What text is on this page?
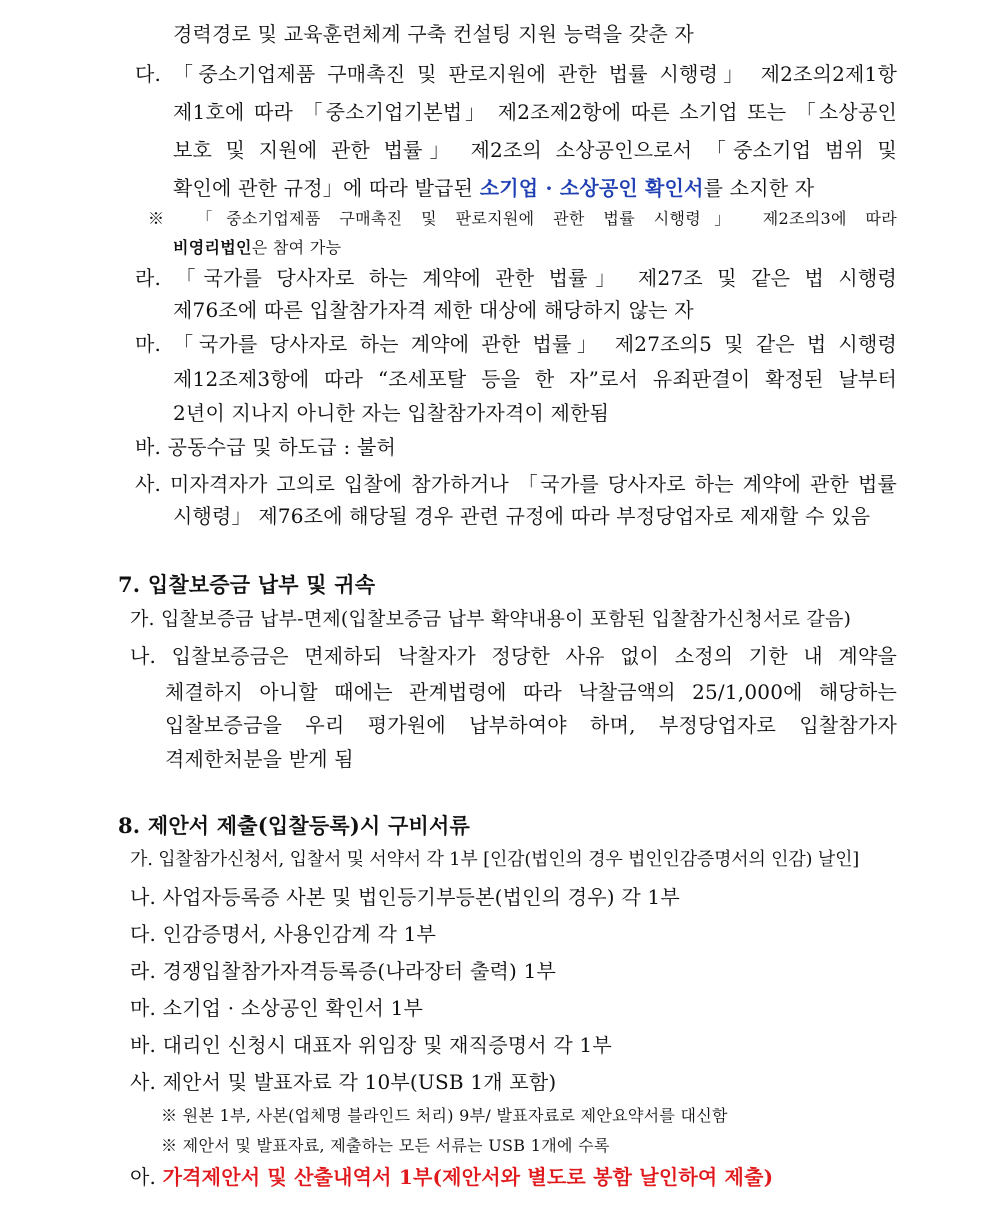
경력경로 및 교육훈련체계 구축 컨설팅 지원 능력을 갖춘 자
다. 「중소기업제품 구매촉진 및 판로지원에 관한 법률 시행령」 제2조의2제1항
제1호에 따라 「중소기업기본법」 제2조제2항에 따른 소기업 또는 「소상공인
보호 및 지원에 관한 법률」 제2조의 소상공인으로서 「중소기업 범위 및
확인에 관한 규정」에 따라 발급된 소기업 · 소상공인 확인서를 소지한 자
※ 「중소기업제품 구매촉진 및 판로지원에 관한 법률 시행령」 제2조의3에 따라
비영리법인은 참여 가능
라. 「국가를 당사자로 하는 계약에 관한 법률」 제27조 및 같은 법 시행령
제76조에 따른 입찰참가자격 제한 대상에 해당하지 않는 자
마. 「국가를 당사자로 하는 계약에 관한 법률」 제27조의5 및 같은 법 시행령
제12조제3항에 따라 “조세포탈 등을 한 자”로서 유죄판결이 확정된 날부터
2년이 지나지 아니한 자는 입찰참가자격이 제한됨
바. 공동수급 및 하도급 : 불허
사. 미자격자가 고의로 입찰에 참가하거나 「국가를 당사자로 하는 계약에 관한 법률
시행령」 제76조에 해당될 경우 관련 규정에 따라 부정당업자로 제재할 수 있음
7. 입찰보증금 납부 및 귀속
가. 입찰보증금 납부-면제(입찰보증금 납부 확약내용이 포함된 입찰참가신청서로 갈음)
나. 입찰보증금은 면제하되 낙찰자가 정당한 사유 없이 소정의 기한 내 계약을
체결하지 아니할 때에는 관계법령에 따라 낙찰금액의 25/1,000에 해당하는
입찰보증금을 우리 평가원에 납부하여야 하며, 부정당업자로 입찰참가자
격제한처분을 받게 됨
8. 제안서 제출(입찰등록)시 구비서류
가. 입찰참가신청서, 입찰서 및 서약서 각 1부 [인감(법인의 경우 법인인감증명서의 인감) 날인]
나. 사업자등록증 사본 및 법인등기부등본(법인의 경우) 각 1부
다. 인감증명서, 사용인감계 각 1부
라. 경쟁입찰참가자격등록증(나라장터 출력) 1부
마. 소기업 · 소상공인 확인서 1부
바. 대리인 신청시 대표자 위임장 및 재직증명서 각 1부
사. 제안서 및 발표자료 각 10부(USB 1개 포함)
※ 원본 1부, 사본(업체명 블라인드 처리) 9부/ 발표자료로 제안요약서를 대신함
※ 제안서 및 발표자료, 제출하는 모든 서류는 USB 1개에 수록
아. 가격제안서 및 산출내역서 1부(제안서와 별도로 봉함 날인하여 제출)
